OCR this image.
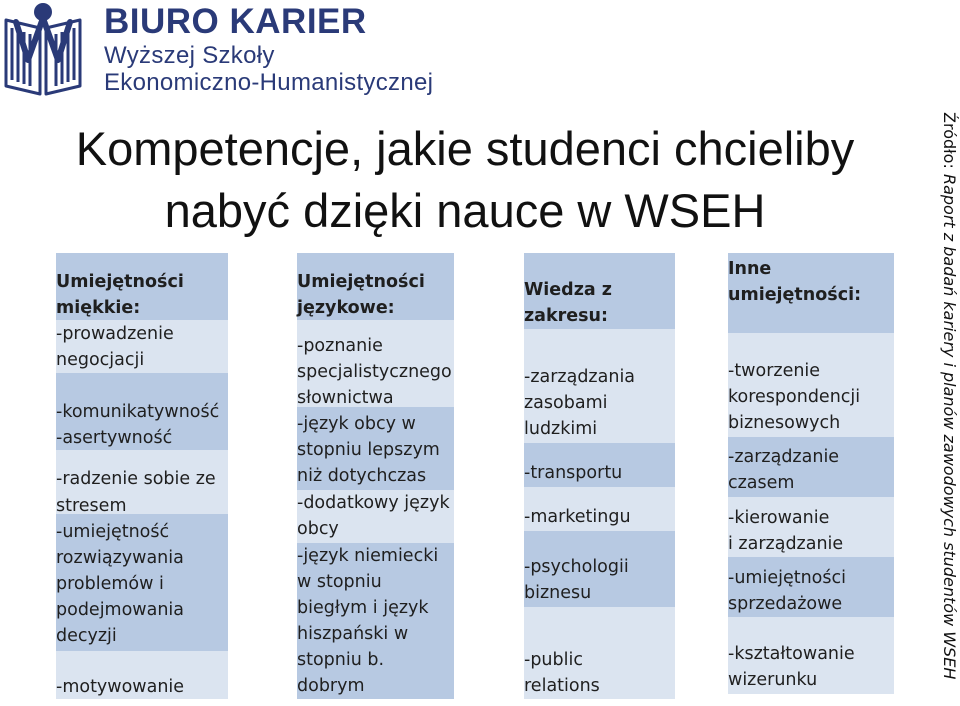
BIURO KARIER
Wyższej Szkoły
Ekonomiczno-Humanistycznej
Kompetencje, jakie studenci chcieliby
nabyć dzięki nauce w WSEH
Umiejętności
miękkie:
-prowadzenie
negocjacji
-komunikatywność
-asertywność
-radzenie sobie ze
stresem
-umiejętność
rozwiązywania
problemów i
podejmowania
decyzji
-motywowanie
Umiejętności
językowe:
-poznanie
specjalistycznego
słownictwa
-język obcy w
stopniu lepszym
niż dotychczas
-dodatkowy język
obcy
-język niemiecki
w stopniu
biegłym i język
hiszpański w
stopniu b.
dobrym
Wiedza z
zakresu:
-zarządzania
zasobami
ludzkimi
-transportu
-marketingu
-psychologii
biznesu
-public
relations
Inne
umiejętności:
-tworzenie
korespondencji
biznesowych
-zarządzanie
czasem
-kierowanie
i zarządzanie
-umiejętności
sprzedażowe
-kształtowanie
wizerunku
Źródło: Raport z badań kariery i planów zawodowych studentów WSEH
